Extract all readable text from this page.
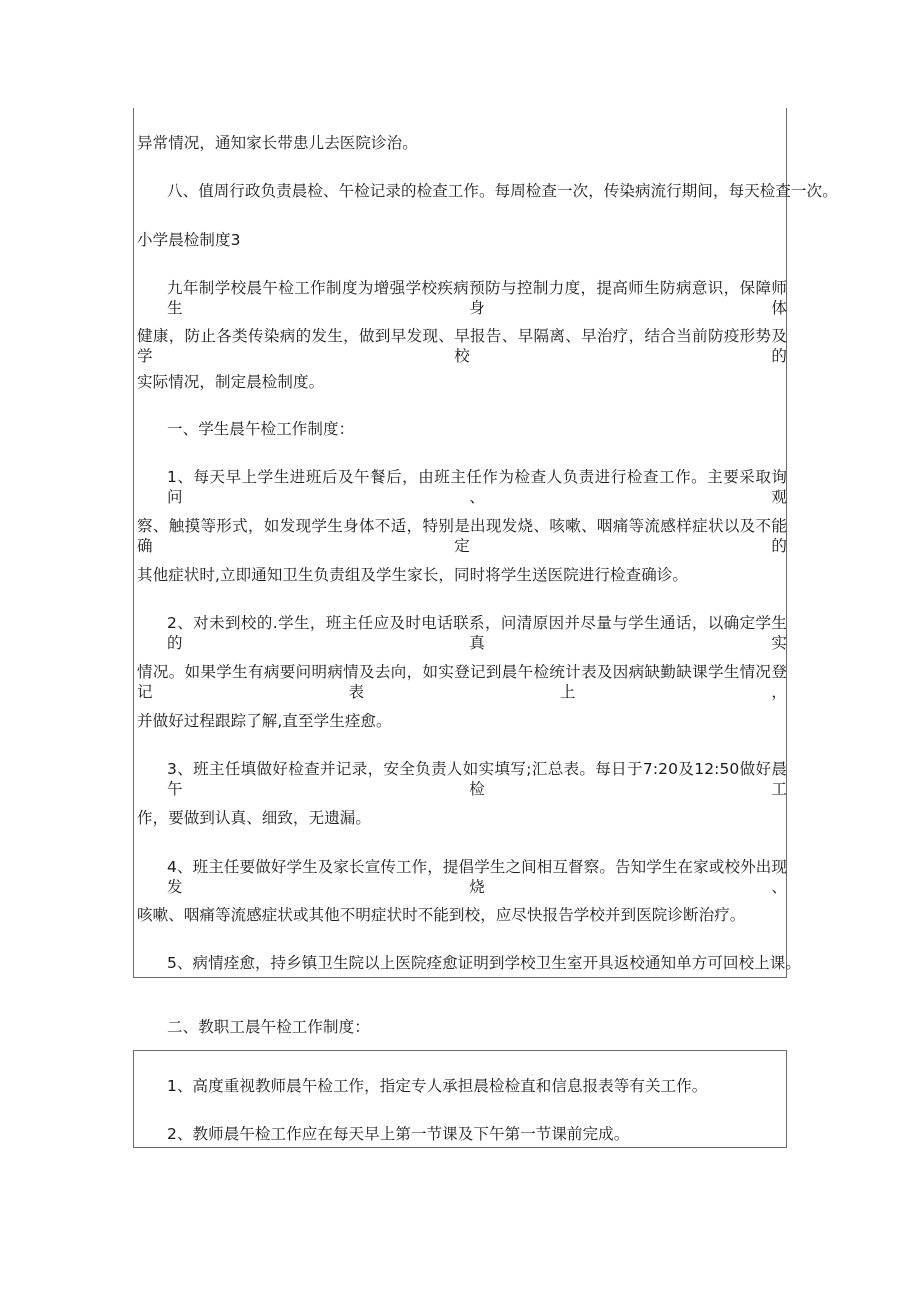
异常情况，通知家长带患儿去医院诊治。
八、值周行政负责晨检、午检记录的检查工作。每周检查一次，传染病流行期间，每天检查一次。
小学晨检制度3
九年制学校晨午检工作制度为增强学校疾病预防与控制力度，提高师生防病意识，保障师生身体
健康，防止各类传染病的发生，做到早发现、早报告、早隔离、早治疗，结合当前防疫形势及学校的
实际情况，制定晨检制度。
一、学生晨午检工作制度：
1、每天早上学生进班后及午餐后，由班主任作为检查人负责进行检查工作。主要采取询问、观
察、触摸等形式，如发现学生身体不适，特别是出现发烧、咳嗽、咽痛等流感样症状以及不能确定的
其他症状时,立即通知卫生负责组及学生家长，同时将学生送医院进行检查确诊。
2、对未到校的.学生，班主任应及时电话联系，问清原因并尽量与学生通话，以确定学生的真实
情况。如果学生有病要问明病情及去向，如实登记到晨午检统计表及因病缺勤缺课学生情况登记表上，
并做好过程跟踪了解,直至学生痊愈。
3、班主任填做好检查并记录，安全负责人如实填写;汇总表。每日于7:20及12:50做好晨午检工
作，要做到认真、细致，无遗漏。
4、班主任要做好学生及家长宣传工作，提倡学生之间相互督察。告知学生在家或校外出现发烧、
咳嗽、咽痛等流感症状或其他不明症状时不能到校，应尽快报告学校并到医院诊断治疗。
5、病情痊愈，持乡镇卫生院以上医院痊愈证明到学校卫生室开具返校通知单方可回校上课。
二、教职工晨午检工作制度：
1、高度重视教师晨午检工作，指定专人承担晨检检直和信息报表等有关工作。
2、教师晨午检工作应在每天早上第一节课及下午第一节课前完成。
